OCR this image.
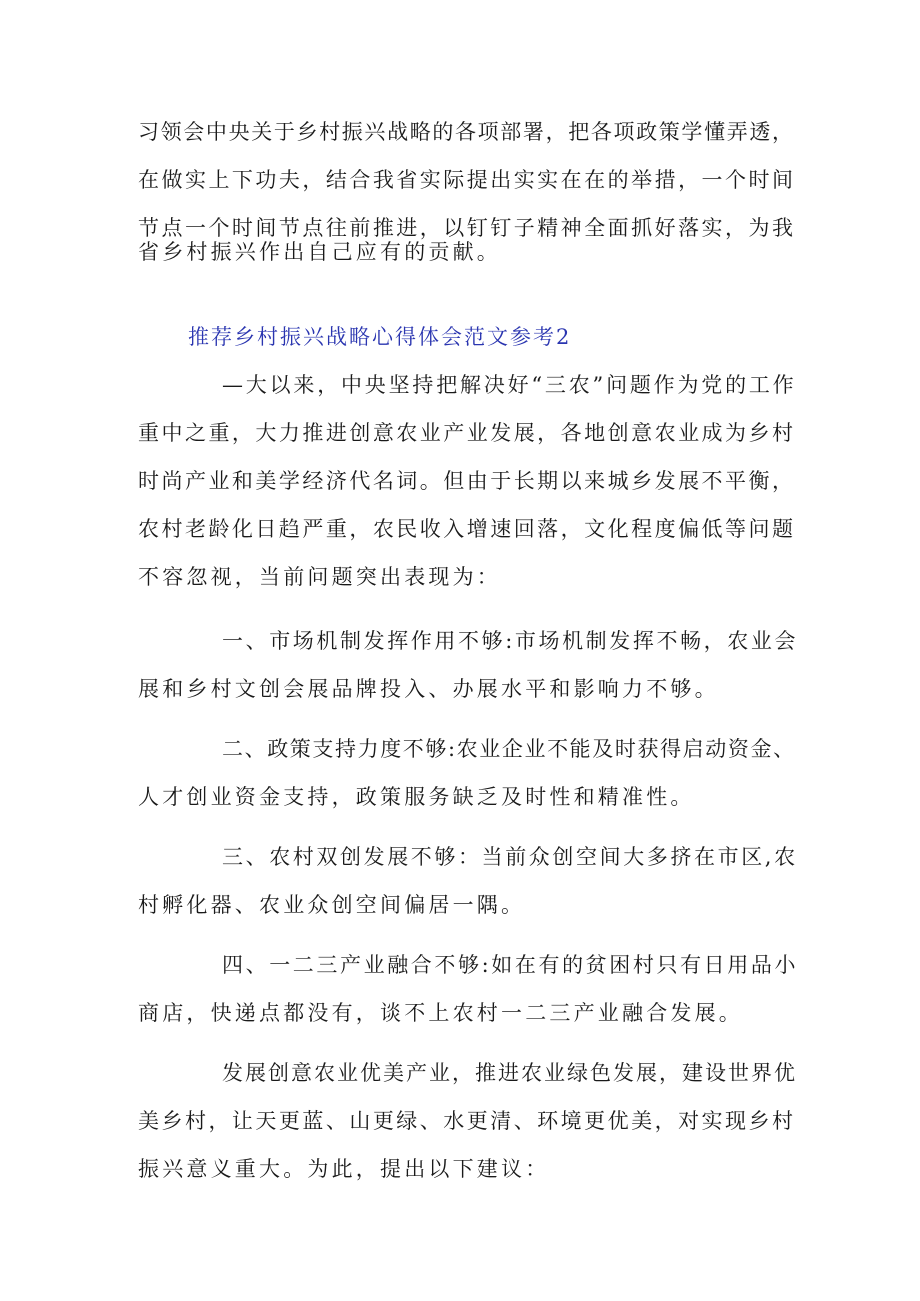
习领会中央关于乡村振兴战略的各项部署，把各项政策学懂弄透，
在做实上下功夫，结合我省实际提出实实在在的举措，一个时间
节点一个时间节点往前推进，以钉钉子精神全面抓好落实，为我
省乡村振兴作出自己应有的贡献。
推荐乡村振兴战略心得体会范文参考2
—大以来，中央坚持把解决好“三农”问题作为党的工作
重中之重，大力推进创意农业产业发展，各地创意农业成为乡村
时尚产业和美学经济代名词。但由于长期以来城乡发展不平衡，
农村老龄化日趋严重，农民收入增速回落，文化程度偏低等问题
不容忽视，当前问题突出表现为：
一、市场机制发挥作用不够:市场机制发挥不畅，农业会
展和乡村文创会展品牌投入、办展水平和影响力不够。
二、政策支持力度不够:农业企业不能及时获得启动资金、
人才创业资金支持，政策服务缺乏及时性和精准性。
三、农村双创发展不够：当前众创空间大多挤在市区,农
村孵化器、农业众创空间偏居一隅。
四、一二三产业融合不够:如在有的贫困村只有日用品小
商店，快递点都没有，谈不上农村一二三产业融合发展。
发展创意农业优美产业，推进农业绿色发展，建设世界优
美乡村，让天更蓝、山更绿、水更清、环境更优美，对实现乡村
振兴意义重大。为此，提出以下建议：
